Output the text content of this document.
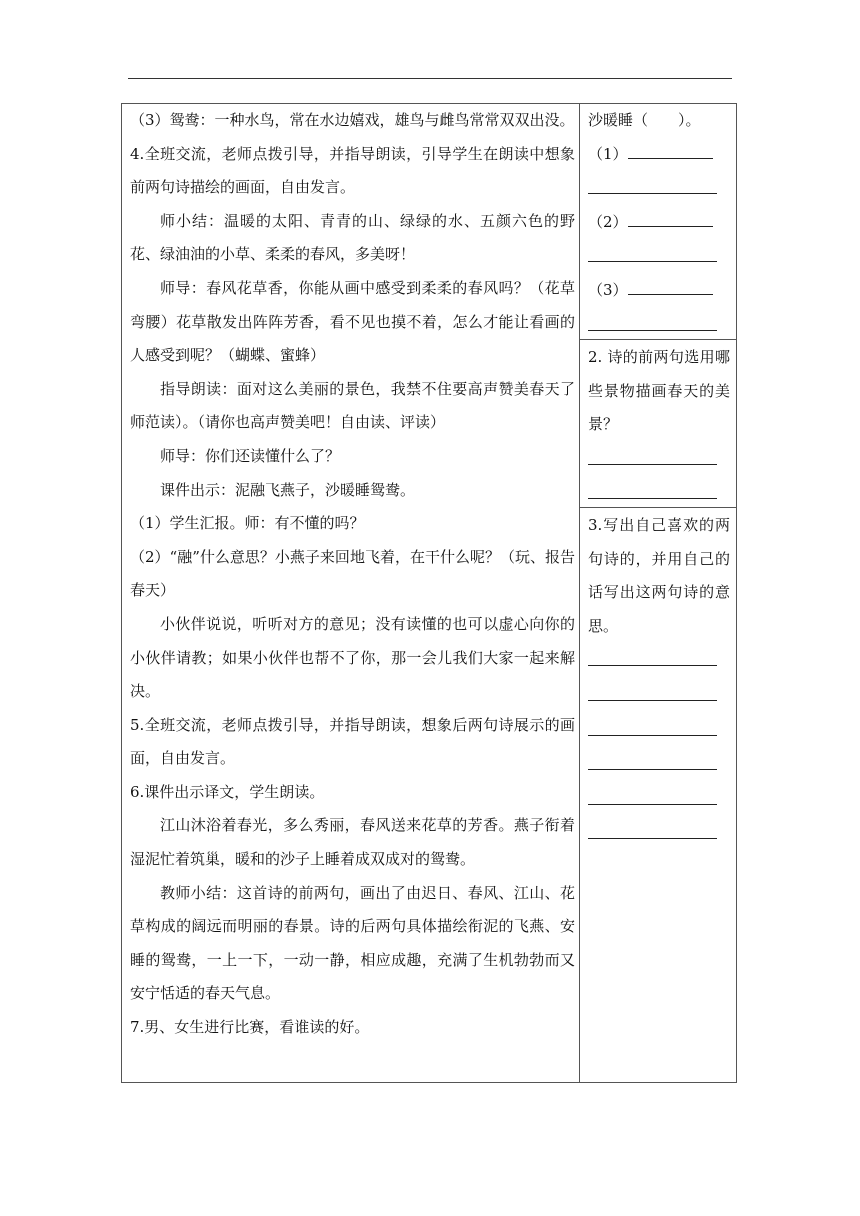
（3）鸳鸯：一种水鸟，常在水边嬉戏，雄鸟与雌鸟常常双双出没。

4.全班交流，老师点拨引导，并指导朗读，引导学生在朗读中想象前两句诗描绘的画面，自由发言。

师小结：温暖的太阳、青青的山、绿绿的水、五颜六色的野花、绿油油的小草、柔柔的春风，多美呀！

师导：春风花草香，你能从画中感受到柔柔的春风吗？（花草弯腰）花草散发出阵阵芳香，看不见也摸不着，怎么才能让看画的人感受到呢？（蝴蝶、蜜蜂）

指导朗读：面对这么美丽的景色，我禁不住要高声赞美春天了师范读）。（请你也高声赞美吧！自由读、评读）

师导：你们还读懂什么了？

课件出示：泥融飞燕子，沙暖睡鸳鸯。

（1）学生汇报。师：有不懂的吗？

（2）“融”什么意思？小燕子来回地飞着，在干什么呢？（玩、报告春天）

小伙伴说说，听听对方的意见；没有读懂的也可以虚心向你的小伙伴请教；如果小伙伴也帮不了你，那一会儿我们大家一起来解决。

5.全班交流，老师点拨引导，并指导朗读，想象后两句诗展示的画面，自由发言。

6.课件出示译文，学生朗读。

江山沐浴着春光，多么秀丽，春风送来花草的芳香。燕子衔着湿泥忙着筑巢，暖和的沙子上睡着成双成对的鸳鸯。

教师小结：这首诗的前两句，画出了由迟日、春风、江山、花草构成的阔远而明丽的春景。诗的后两句具体描绘衔泥的飞燕、安睡的鸳鸯，一上一下，一动一静，相应成趣，充满了生机勃勃而又安宁恬适的春天气息。

7.男、女生进行比赛，看谁读的好。

沙暖睡（　　）。

（1）

（2）

（3）

2. 诗的前两句选用哪些景物描画春天的美景？

3.写出自己喜欢的两句诗的，并用自己的话写出这两句诗的意思。
